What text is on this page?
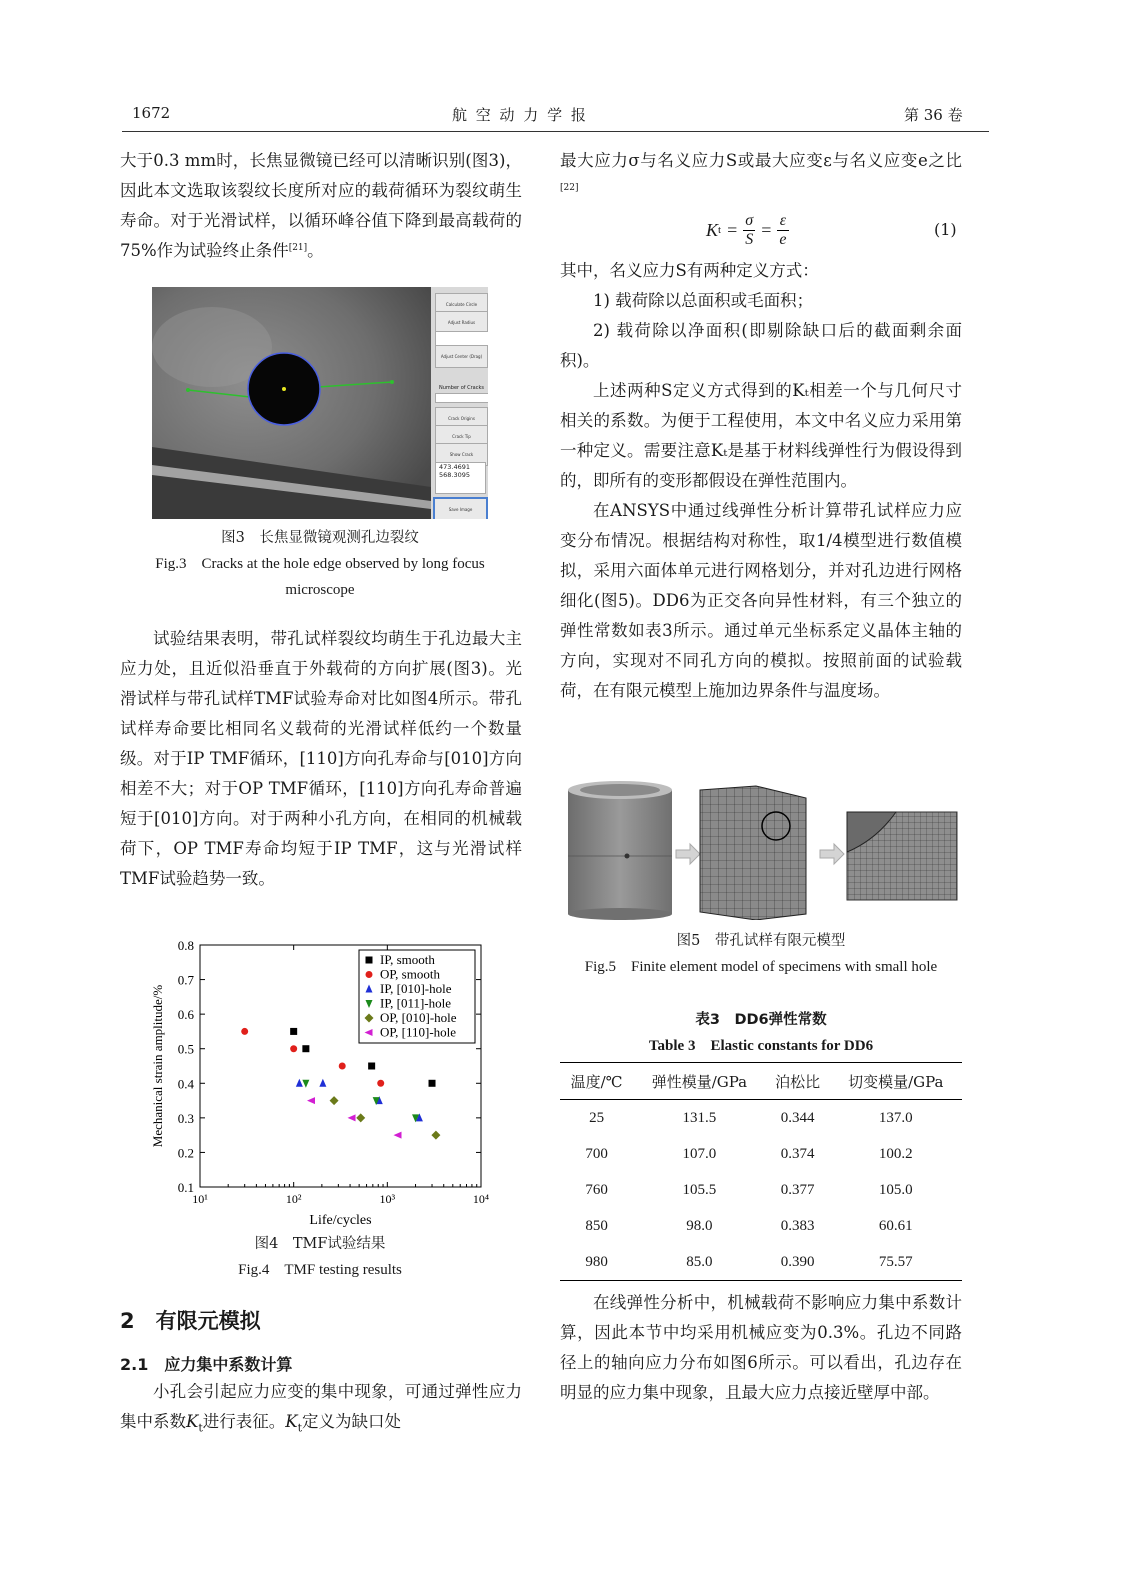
1672	航 空 动 力 学 报	第 36 卷

大于0.3 mm时，长焦显微镜已经可以清晰识别(图3)，因此本文选取该裂纹长度所对应的载荷循环为裂纹萌生寿命。对于光滑试样，以循环峰谷值下降到最高载荷的75%作为试验终止条件[21]。

Calculate Circle
Adjust Radius
Adjust Center (Drag)
Number of Cracks
Crack Origins
Crack Tip
Show Crack
473.4691
568.3095
Save Image
图3　长焦显微镜观测孔边裂纹
Fig.3　Cracks at the hole edge observed by long focus microscope

试验结果表明，带孔试样裂纹均萌生于孔边最大主应力处，且近似沿垂直于外载荷的方向扩展(图3)。光滑试样与带孔试样TMF试验寿命对比如图4所示。带孔试样寿命要比相同名义载荷的光滑试样低约一个数量级。对于IP TMF循环，[110]方向孔寿命与[010]方向相差不大；对于OP TMF循环，[110]方向孔寿命普遍短于[010]方向。对于两种小孔方向，在相同的机械载荷下，OP TMF寿命均短于IP TMF，这与光滑试样TMF试验趋势一致。

0.1
0.2
0.3
0.4
0.5
0.6
0.7
0.8
10¹	10²	10³	10⁴
Life/cycles
Mechanical strain amplitude/%
IP, smooth
OP, smooth
IP, [010]-hole
IP, [011]-hole
OP, [010]-hole
OP, [110]-hole
图4　TMF试验结果
Fig.4　TMF testing results
2　有限元模拟
2.1　应力集中系数计算

小孔会引起应力应变的集中现象，可通过弹性应力集中系数$K_t$进行表征。$K_t$定义为缺口处

最大应力σ与名义应力S或最大应变ε与名义应变e之比[22]

K $t = \frac{\sigma}{S} = \frac{\varepsilon}{e}$	(1)

其中，名义应力S有两种定义方式：

1) 载荷除以总面积或毛面积；

2) 载荷除以净面积(即剔除缺口后的截面剩余面积)。

上述两种S定义方式得到的Kₜ相差一个与几何尺寸相关的系数。为便于工程使用，本文中名义应力采用第一种定义。需要注意Kₜ是基于材料线弹性行为假设得到的，即所有的变形都假设在弹性范围内。

在ANSYS中通过线弹性分析计算带孔试样应力应变分布情况。根据结构对称性，取1/4模型进行数值模拟，采用六面体单元进行网格划分，并对孔边进行网格细化(图5)。DD6为正交各向异性材料，有三个独立的弹性常数如表3所示。通过单元坐标系定义晶体主轴的方向，实现对不同孔方向的模拟。按照前面的试验载荷，在有限元模型上施加边界条件与温度场。

图5　带孔试样有限元模型
Fig.5　Finite element model of specimens with small hole
表3　DD6弹性常数
Table 3　Elastic constants for DD6
温度/℃	弹性模量/GPa	泊松比	切变模量/GPa
25	131.5	0.344	137.0
700	107.0	0.374	100.2
760	105.5	0.377	105.0
850	98.0	0.383	60.61
980	85.0	0.390	75.57

在线弹性分析中，机械载荷不影响应力集中系数计算，因此本节中均采用机械应变为0.3%。孔边不同路径上的轴向应力分布如图6所示。可以看出，孔边存在明显的应力集中现象，且最大应力点接近壁厚中部。
